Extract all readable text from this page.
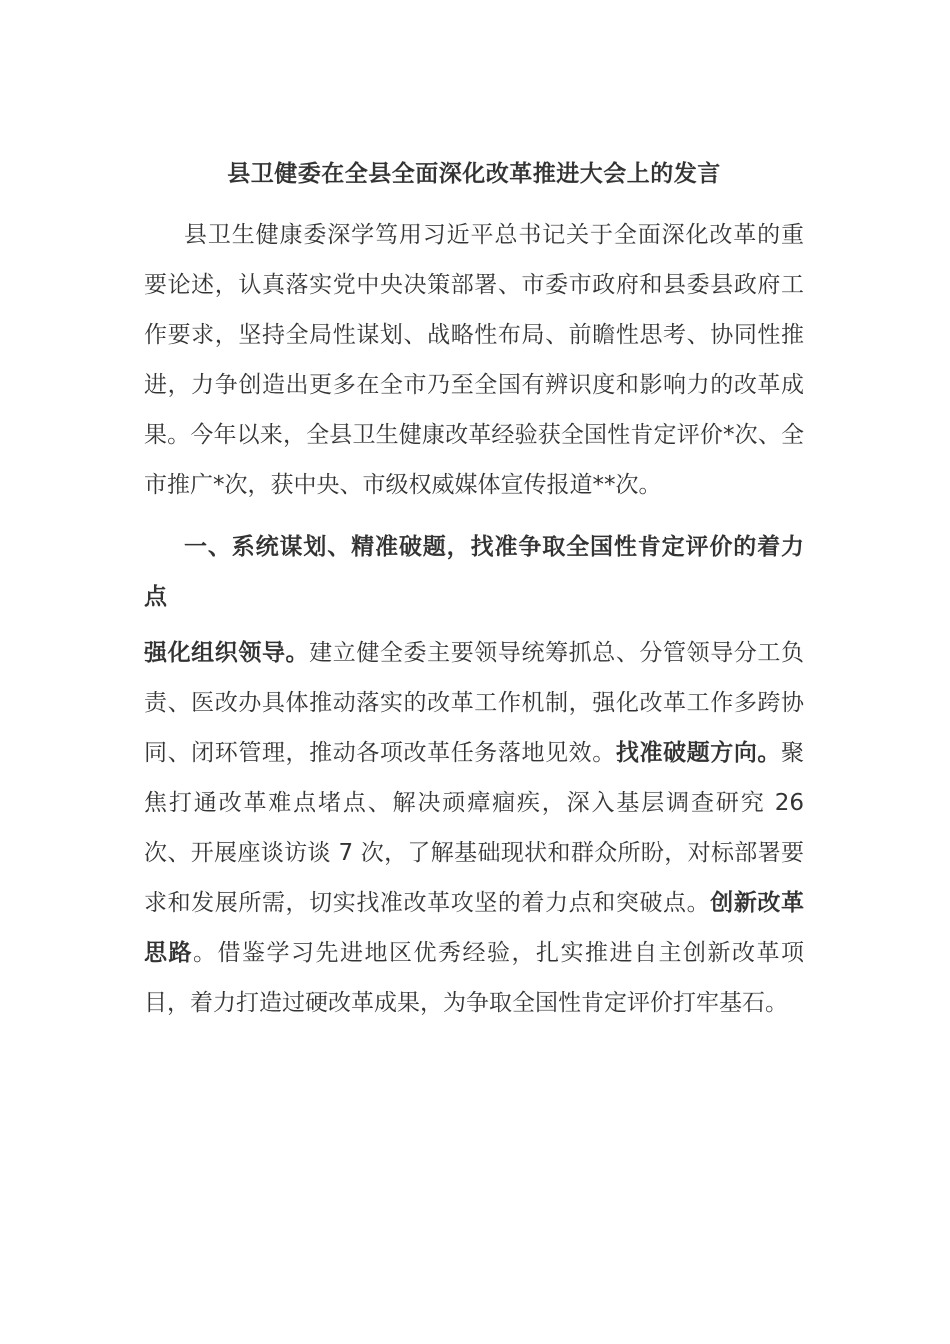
县卫健委在全县全面深化改革推进大会上的发言

县卫生健康委深学笃用习近平总书记关于全面深化改革的重要论述，认真落实党中央决策部署、市委市政府和县委县政府工作要求，坚持全局性谋划、战略性布局、前瞻性思考、协同性推进，力争创造出更多在全市乃至全国有辨识度和影响力的改革成果。今年以来，全县卫生健康改革经验获全国性肯定评价*次、全市推广*次，获中央、市级权威媒体宣传报道**次。

一、系统谋划、精准破题，找准争取全国性肯定评价的着力点

强化组织领导。建立健全委主要领导统筹抓总、分管领导分工负责、医改办具体推动落实的改革工作机制，强化改革工作多跨协同、闭环管理，推动各项改革任务落地见效。找准破题方向。聚焦打通改革难点堵点、解决顽瘴痼疾，深入基层调查研究 26 次、开展座谈访谈 7 次，了解基础现状和群众所盼，对标部署要求和发展所需，切实找准改革攻坚的着力点和突破点。创新改革思路。借鉴学习先进地区优秀经验，扎实推进自主创新改革项目，着力打造过硬改革成果，为争取全国性肯定评价打牢基石。
